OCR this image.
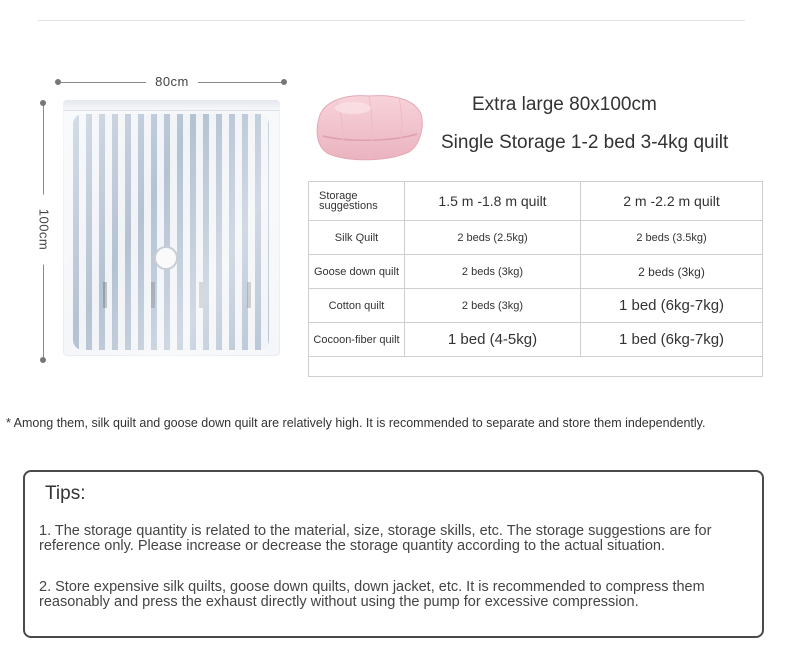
80cm
100cm
Extra large 80x100cm
Single Storage 1-2 bed 3-4kg quilt
Storage suggestions	1.5 m -1.8 m quilt	2 m -2.2 m quilt
Silk Quilt	2 beds (2.5kg)	2 beds (3.5kg)
Goose down quilt	2 beds (3kg)	2 beds (3kg)
Cotton quilt	2 beds (3kg)	1 bed (6kg-7kg)
Cocoon-fiber quilt	1 bed (4-5kg)	1 bed (6kg-7kg)

* Among them, silk quilt and goose down quilt are relatively high. It is recommended to separate and store them independently.
Tips:

1. The storage quantity is related to the material, size, storage skills, etc. The storage suggestions are for reference only. Please increase or decrease the storage quantity according to the actual situation.

2. Store expensive silk quilts, goose down quilts, down jacket, etc. It is recommended to compress them reasonably and press the exhaust directly without using the pump for excessive compression.
